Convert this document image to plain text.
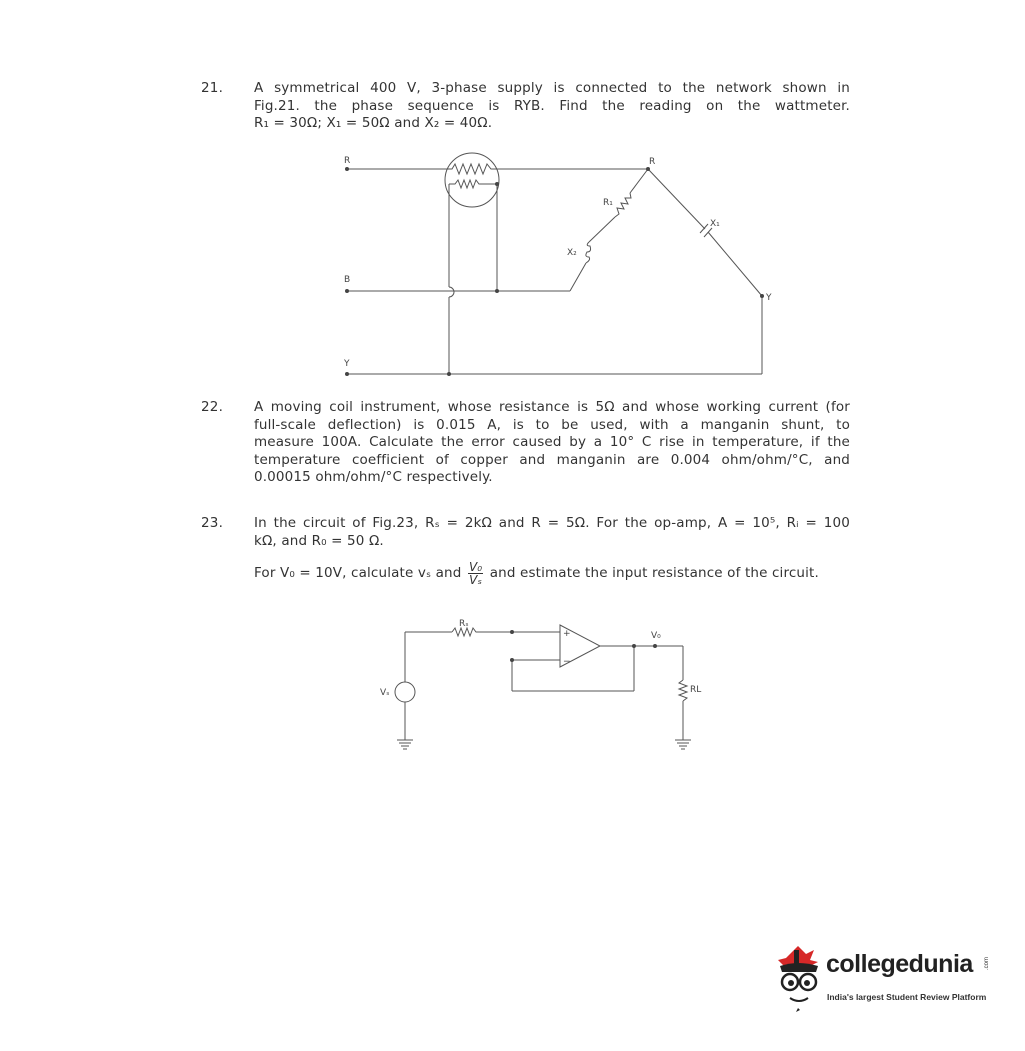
21. A symmetrical 400 V, 3-phase supply is connected to the network shown in
Fig.21. the phase sequence is RYB. Find the reading on the wattmeter.
R₁ = 30Ω; X₁ = 50Ω and X₂ = 40Ω.
R
B
Y
R
Y
R₁
X₁
X₂
22. A moving coil instrument, whose resistance is 5Ω and whose working current (for
full-scale deflection) is 0.015 A, is to be used, with a manganin shunt, to
measure 100A. Calculate the error caused by a 10° C rise in temperature, if the
temperature coefficient of copper and manganin are 0.004 ohm/ohm/°C, and
0.00015 ohm/ohm/°C respectively.
23. In the circuit of Fig.23, Rₛ = 2kΩ and R = 5Ω. For the op-amp, A = 10⁵, Rᵢ = 100
kΩ, and R₀ = 50 Ω.
For V₀ = 10V, calculate vₛ and $\frac{\text{V₀}}{\text{Vₛ}}$ and estimate the input resistance of the circuit.
Rₛ
V₀
Vₛ	RL
+
−
collegedunia .com
India's largest Student Review Platform
